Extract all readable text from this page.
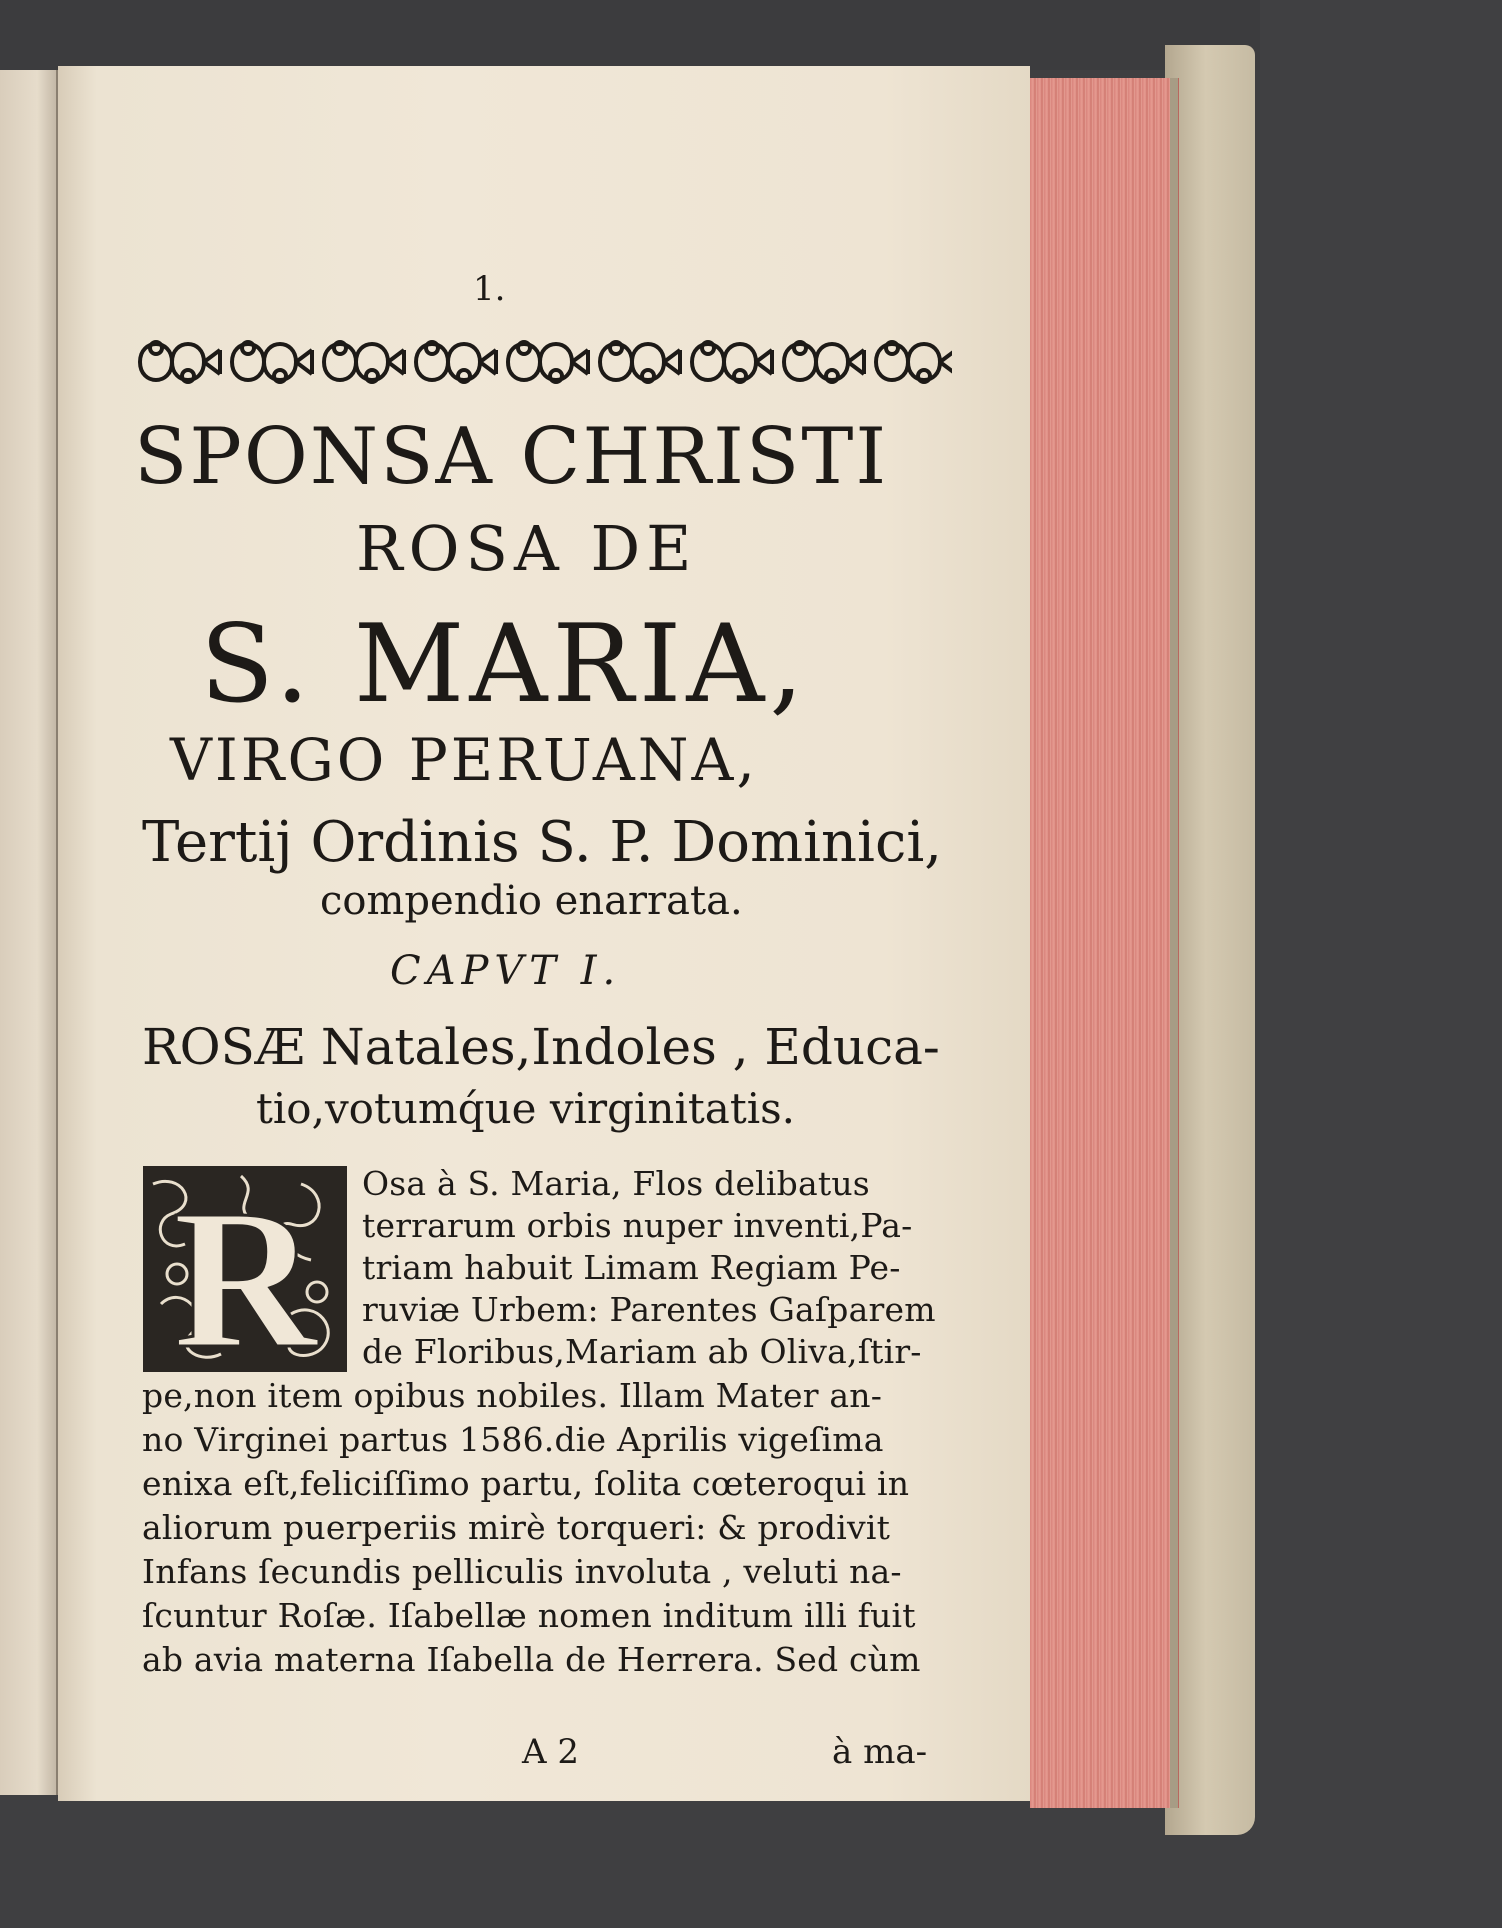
1.
SPONSA CHRISTI
ROSA DE
S. MARIA,
VIRGO PERUANA,
Tertij Ordinis S. P. Dominici,
compendio enarrata.
CAPVT I.
ROSÆ Natales,Indoles , Educa-
tio,votumq́ue virginitatis.
R Osa à S. Maria, Flos delibatus
terrarum orbis nuper inventi,Pa-
triam habuit Limam Regiam Pe-
ruviæ Urbem: Parentes Gaſparem
de Floribus,Mariam ab Oliva,ſtir-
pe,non item opibus nobiles. Illam Mater an-
no Virginei partus 1586.die Aprilis vigeſima
enixa eſt,feliciſſimo partu, ſolita cœteroqui in
aliorum puerperiis mirè torqueri: & prodivit
Infans ſecundis pelliculis involuta , veluti na-
ſcuntur Roſæ. Iſabellæ nomen inditum illi fuit
ab avia materna Iſabella de Herrera. Sed cùm
A 2	à ma-
